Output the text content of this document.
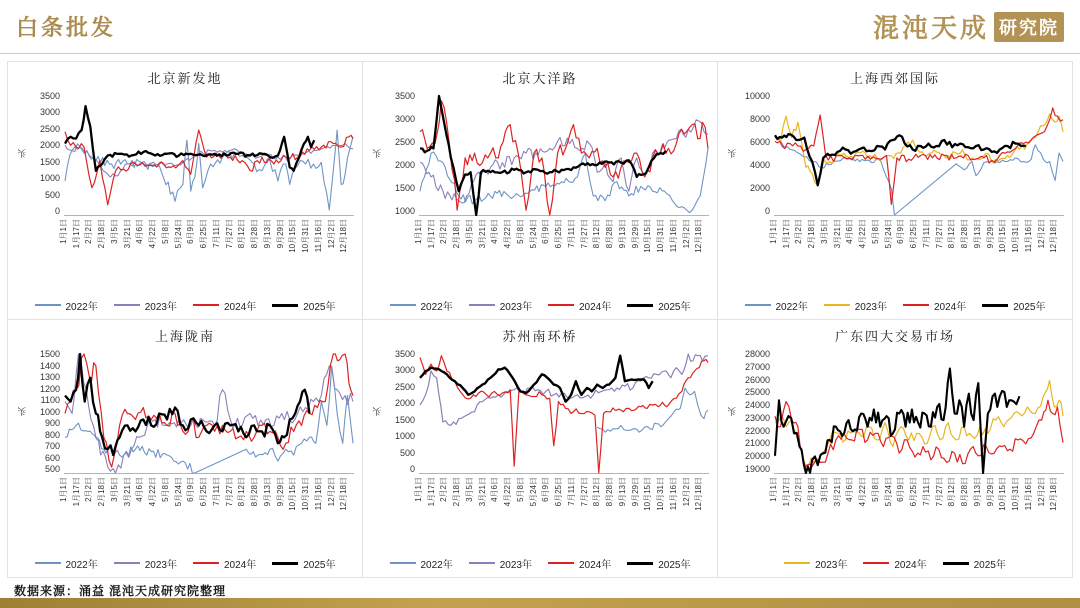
白条批发	混沌天成 研究院
北京新发地
头
3500
3000
2500
2000
1500
1000
500
0
1月1日 1月17日 2月2日 2月18日 3月5日 3月21日 4月6日 4月22日 5月8日 5月24日 6月9日 6月25日 7月11日 7月27日 8月12日 8月28日 9月13日 9月29日 10月15日 10月31日 11月16日 12月2日 12月18日
2022年	2023年	2024年	2025年
北京大洋路
头
3500
3000
2500
2000
1500
1000
1月1日 1月17日 2月2日 2月18日 3月5日 3月21日 4月6日 4月22日 5月8日 5月24日 6月9日 6月25日 7月11日 7月27日 8月12日 8月28日 9月13日 9月29日 10月15日 10月31日 11月16日 12月2日 12月18日
2022年	2023年	2024年	2025年
上海西郊国际
头
10000
8000
6000
4000
2000
0
1月1日 1月17日 2月2日 2月18日 3月5日 3月21日 4月6日 4月22日 5月8日 5月24日 6月9日 6月25日 7月11日 7月27日 8月12日 8月28日 9月13日 9月29日 10月15日 10月31日 11月16日 12月2日 12月18日
2022年	2023年	2024年	2025年
上海陇南
头
1500
1400
1300
1200
1100
1000
900
800
700
600
500
1月1日 1月17日 2月2日 2月18日 3月5日 3月21日 4月6日 4月22日 5月8日 5月24日 6月9日 6月25日 7月11日 7月27日 8月12日 8月28日 9月13日 9月29日 10月15日 10月31日 11月16日 12月2日 12月18日
2022年	2023年	2024年	2025年
苏州南环桥
头
3500
3000
2500
2000
1500
1000
500
0
1月1日 1月17日 2月2日 2月18日 3月5日 3月21日 4月6日 4月22日 5月8日 5月24日 6月9日 6月25日 7月11日 7月27日 8月12日 8月28日 9月13日 9月29日 10月15日 10月31日 11月16日 12月2日 12月18日
2022年	2023年	2024年	2025年
广东四大交易市场
头
28000
27000
26000
25000
24000
23000
22000
21000
20000
19000
1月1日 1月17日 2月2日 2月18日 3月5日 3月21日 4月6日 4月22日 5月8日 5月24日 6月9日 6月25日 7月11日 7月27日 8月12日 8月28日 9月13日 9月29日 10月15日 10月31日 11月16日 12月2日 12月18日
2023年	2024年	2025年
数据来源：涌益 混沌天成研究院整理
